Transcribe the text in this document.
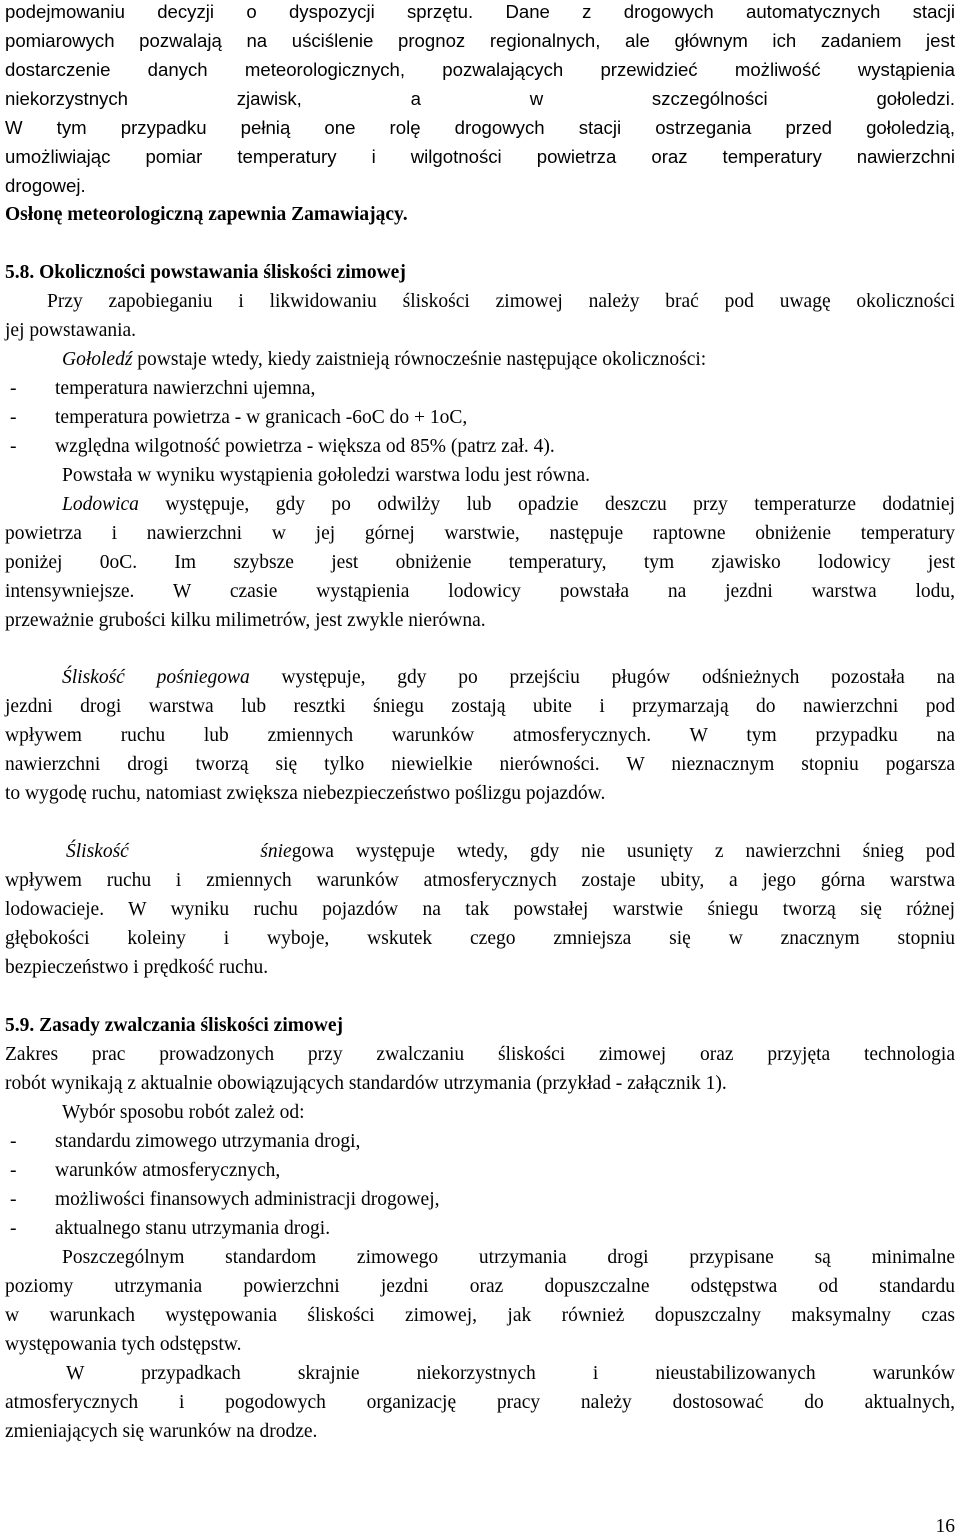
podejmowaniu decyzji o dyspozycji sprzętu. Dane z drogowych automatycznych stacji

pomiarowych pozwalają na uściślenie prognoz regionalnych, ale głównym ich zadaniem jest

dostarczenie danych meteorologicznych, pozwalających przewidzieć możliwość wystąpienia

niekorzystnych zjawisk, a w szczególności gołoledzi.

W tym przypadku pełnią one rolę drogowych stacji ostrzegania przed gołoledzią,

umożliwiając pomiar temperatury i wilgotności powietrza oraz temperatury nawierzchni

drogowej.

Osłonę meteorologiczną zapewnia Zamawiający.

5.8. Okoliczności powstawania śliskości zimowej

Przy zapobieganiu i likwidowaniu śliskości zimowej należy brać pod uwagę okoliczności

jej powstawania.

Gołoledź powstaje wtedy, kiedy zaistnieją równocześnie następujące okoliczności:

- temperatura nawierzchni ujemna,
- temperatura powietrza - w granicach -6oC do + 1oC,
- względna wilgotność powietrza - większa od 85% (patrz zał. 4).

Powstała w wyniku wystąpienia gołoledzi warstwa lodu jest równa.

Lodowica występuje, gdy po odwilży lub opadzie deszczu przy temperaturze dodatniej

powietrza i nawierzchni w jej górnej warstwie, następuje raptowne obniżenie temperatury

poniżej 0oC. Im szybsze jest obniżenie temperatury, tym zjawisko lodowicy jest

intensywniejsze. W czasie wystąpienia lodowicy powstała na jezdni warstwa lodu,

przeważnie grubości kilku milimetrów, jest zwykle nierówna.

Śliskość pośniegowa występuje, gdy po przejściu pługów odśnieżnych pozostała na

jezdni drogi warstwa lub resztki śniegu zostają ubite i przymarzają do nawierzchni pod

wpływem ruchu lub zmiennych warunków atmosferycznych. W tym przypadku na

nawierzchni drogi tworzą się tylko niewielkie nierówności. W nieznacznym stopniu pogarsza

to wygodę ruchu, natomiast zwiększa niebezpieczeństwo poślizgu pojazdów.

Śliskość	śniegowa występuje wtedy, gdy nie usunięty z nawierzchni śnieg pod

wpływem ruchu i zmiennych warunków atmosferycznych zostaje ubity, a jego górna warstwa

lodowacieje. W wyniku ruchu pojazdów na tak powstałej warstwie śniegu tworzą się różnej

głębokości koleiny i wyboje, wskutek czego zmniejsza się w znacznym stopniu

bezpieczeństwo i prędkość ruchu.

5.9. Zasady zwalczania śliskości zimowej

Zakres prac prowadzonych przy zwalczaniu śliskości zimowej oraz przyjęta technologia

robót wynikają z aktualnie obowiązujących standardów utrzymania (przykład - załącznik 1).

Wybór sposobu robót zależ od:

- standardu zimowego utrzymania drogi,
- warunków atmosferycznych,
- możliwości finansowych administracji drogowej,
- aktualnego stanu utrzymania drogi.

Poszczególnym standardom zimowego utrzymania drogi przypisane są minimalne

poziomy utrzymania powierzchni jezdni oraz dopuszczalne odstępstwa od standardu

w warunkach występowania śliskości zimowej, jak również dopuszczalny maksymalny czas

występowania tych odstępstw.

W przypadkach skrajnie niekorzystnych i nieustabilizowanych warunków

atmosferycznych i pogodowych organizację pracy należy dostosować do aktualnych,

zmieniających się warunków na drodze.

16
